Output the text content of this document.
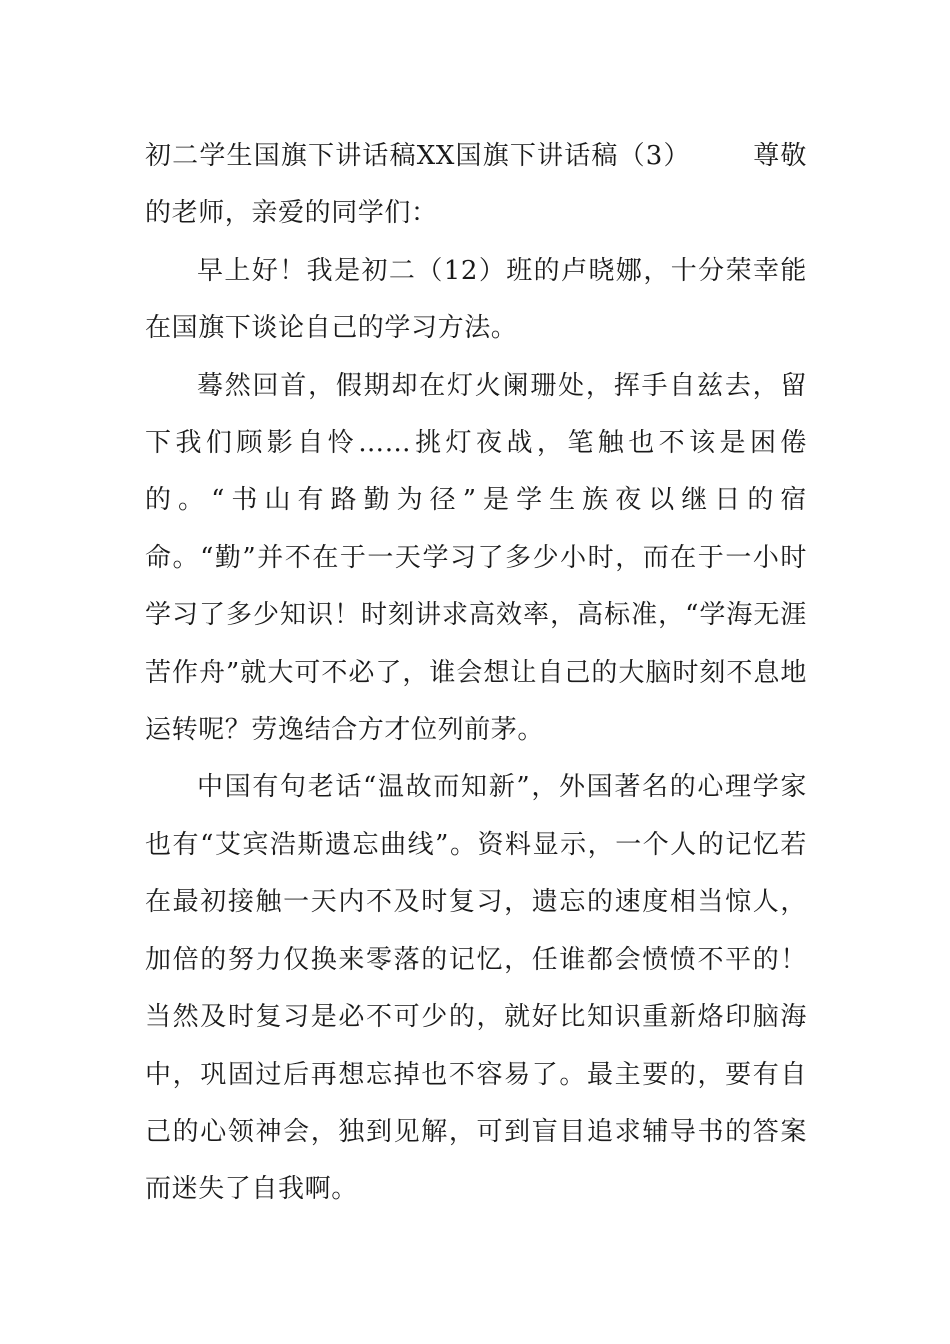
初二学生国旗下讲话稿XX国旗下讲话稿（3） 尊敬的老师，亲爱的同学们：

早上好！我是初二（12）班的卢晓娜，十分荣幸能在国旗下谈论自己的学习方法。

蓦然回首，假期却在灯火阑珊处，挥手自兹去，留下我们顾影自怜……挑灯夜战，笔触也不该是困倦的。“书山有路勤为径”是学生族夜以继日的宿命。“勤”并不在于一天学习了多少小时，而在于一小时学习了多少知识！时刻讲求高效率，高标准，“学海无涯苦作舟”就大可不必了，谁会想让自己的大脑时刻不息地运转呢？劳逸结合方才位列前茅。

中国有句老话“温故而知新”，外国著名的心理学家也有“艾宾浩斯遗忘曲线”。资料显示，一个人的记忆若在最初接触一天内不及时复习，遗忘的速度相当惊人，加倍的努力仅换来零落的记忆，任谁都会愤愤不平的！当然及时复习是必不可少的，就好比知识重新烙印脑海中，巩固过后再想忘掉也不容易了。最主要的，要有自己的心领神会，独到见解，可到盲目追求辅导书的答案而迷失了自我啊。
